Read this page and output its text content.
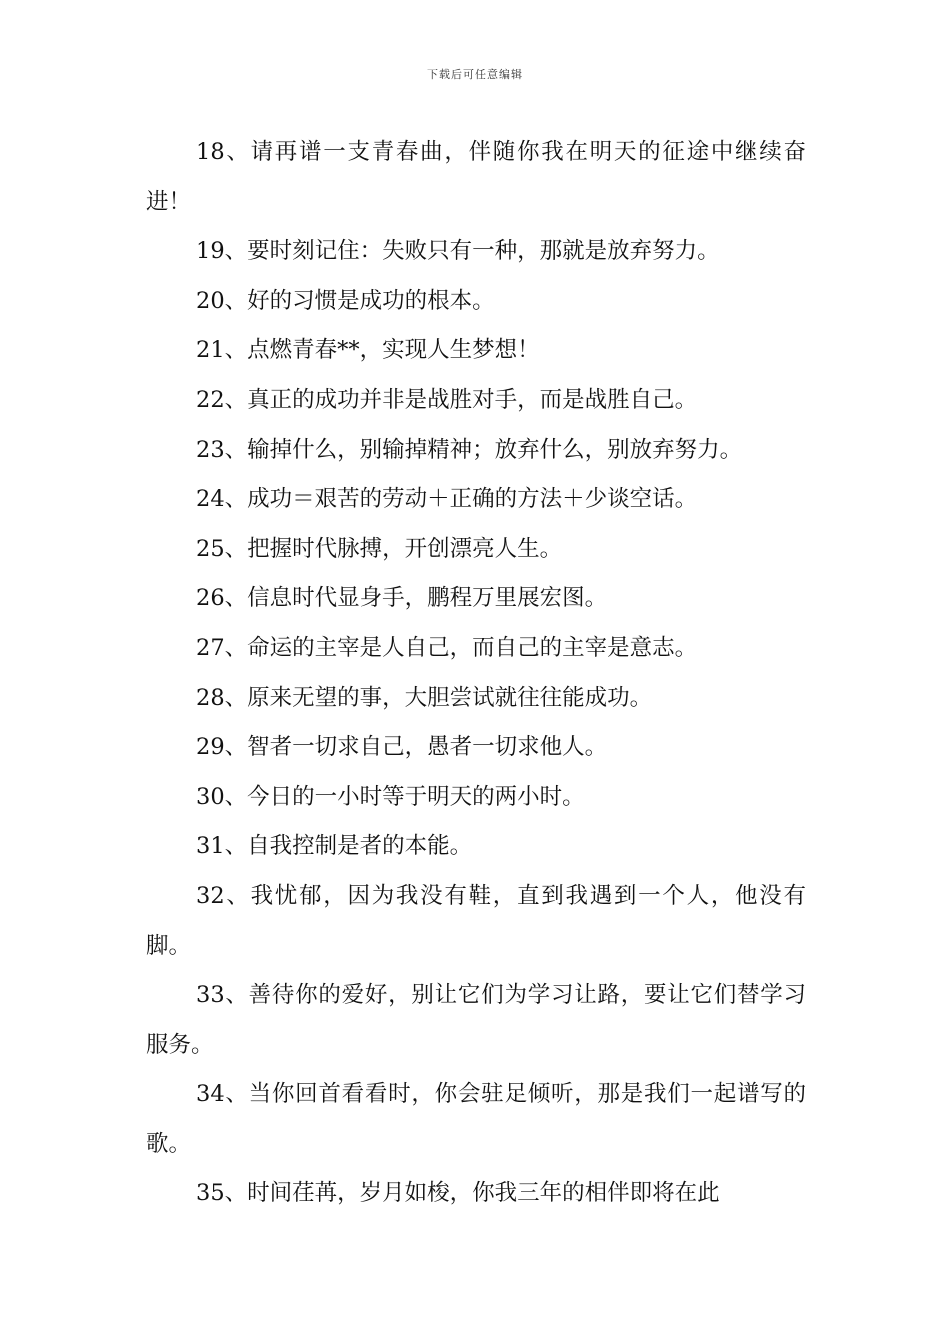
下载后可任意编辑

18、请再谱一支青春曲，伴随你我在明天的征途中继续奋进！

19、要时刻记住：失败只有一种，那就是放弃努力。

20、好的习惯是成功的根本。

21、点燃青春**，实现人生梦想！

22、真正的成功并非是战胜对手，而是战胜自己。

23、输掉什么，别输掉精神；放弃什么，别放弃努力。

24、成功＝艰苦的劳动＋正确的方法＋少谈空话。

25、把握时代脉搏，开创漂亮人生。

26、信息时代显身手，鹏程万里展宏图。

27、命运的主宰是人自己，而自己的主宰是意志。

28、原来无望的事，大胆尝试就往往能成功。

29、智者一切求自己，愚者一切求他人。

30、今日的一小时等于明天的两小时。

31、自我控制是者的本能。

32、我忧郁，因为我没有鞋，直到我遇到一个人，他没有脚。

33、善待你的爱好，别让它们为学习让路，要让它们替学习服务。

34、当你回首看看时，你会驻足倾听，那是我们一起谱写的歌。

35、时间荏苒，岁月如梭，你我三年的相伴即将在此
